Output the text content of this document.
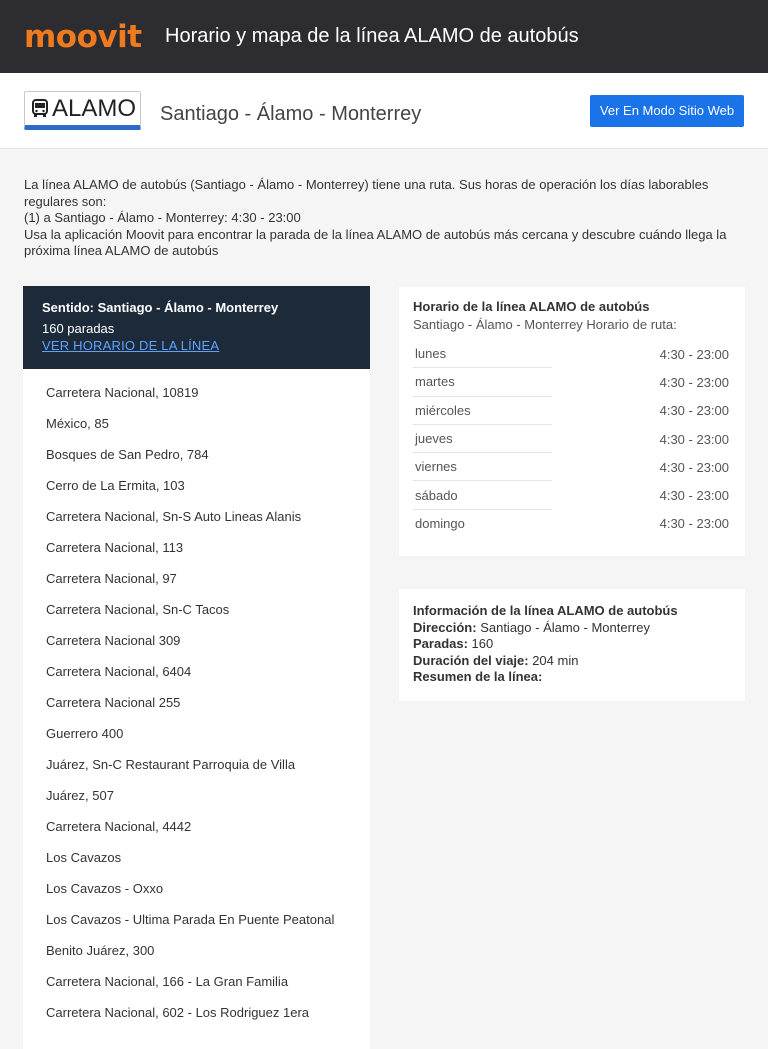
moovit Horario y mapa de la línea ALAMO de autobús
ALAMO Santiago - Álamo - Monterrey	Ver En Modo Sitio Web
La línea ALAMO de autobús (Santiago - Álamo - Monterrey) tiene una ruta. Sus horas de operación los días laborables regulares son:
(1) a Santiago - Álamo - Monterrey: 4:30 - 23:00
Usa la aplicación Moovit para encontrar la parada de la línea ALAMO de autobús más cercana y descubre cuándo llega la próxima línea ALAMO de autobús
Sentido: Santiago - Álamo - Monterrey
160 paradas
VER HORARIO DE LA LÍNEA
Carretera Nacional, 10819
México, 85
Bosques de San Pedro, 784
Cerro de La Ermita, 103
Carretera Nacional, Sn-S Auto Lineas Alanis
Carretera Nacional, 113
Carretera Nacional, 97
Carretera Nacional, Sn-C Tacos
Carretera Nacional 309
Carretera Nacional, 6404
Carretera Nacional 255
Guerrero 400
Juárez, Sn-C Restaurant Parroquia de Villa
Juárez, 507
Carretera Nacional, 4442
Los Cavazos
Los Cavazos - Oxxo
Los Cavazos - Ultima Parada En Puente Peatonal
Benito Juárez, 300
Carretera Nacional, 166 - La Gran Familia
Carretera Nacional, 602 - Los Rodriguez 1era
Horario de la línea ALAMO de autobús
Santiago - Álamo - Monterrey Horario de ruta:
lunes	4:30 - 23:00
martes	4:30 - 23:00
miércoles	4:30 - 23:00
jueves	4:30 - 23:00
viernes	4:30 - 23:00
sábado	4:30 - 23:00
domingo	4:30 - 23:00
Información de la línea ALAMO de autobús
Dirección: Santiago - Álamo - Monterrey
Paradas: 160
Duración del viaje: 204 min
Resumen de la línea:
